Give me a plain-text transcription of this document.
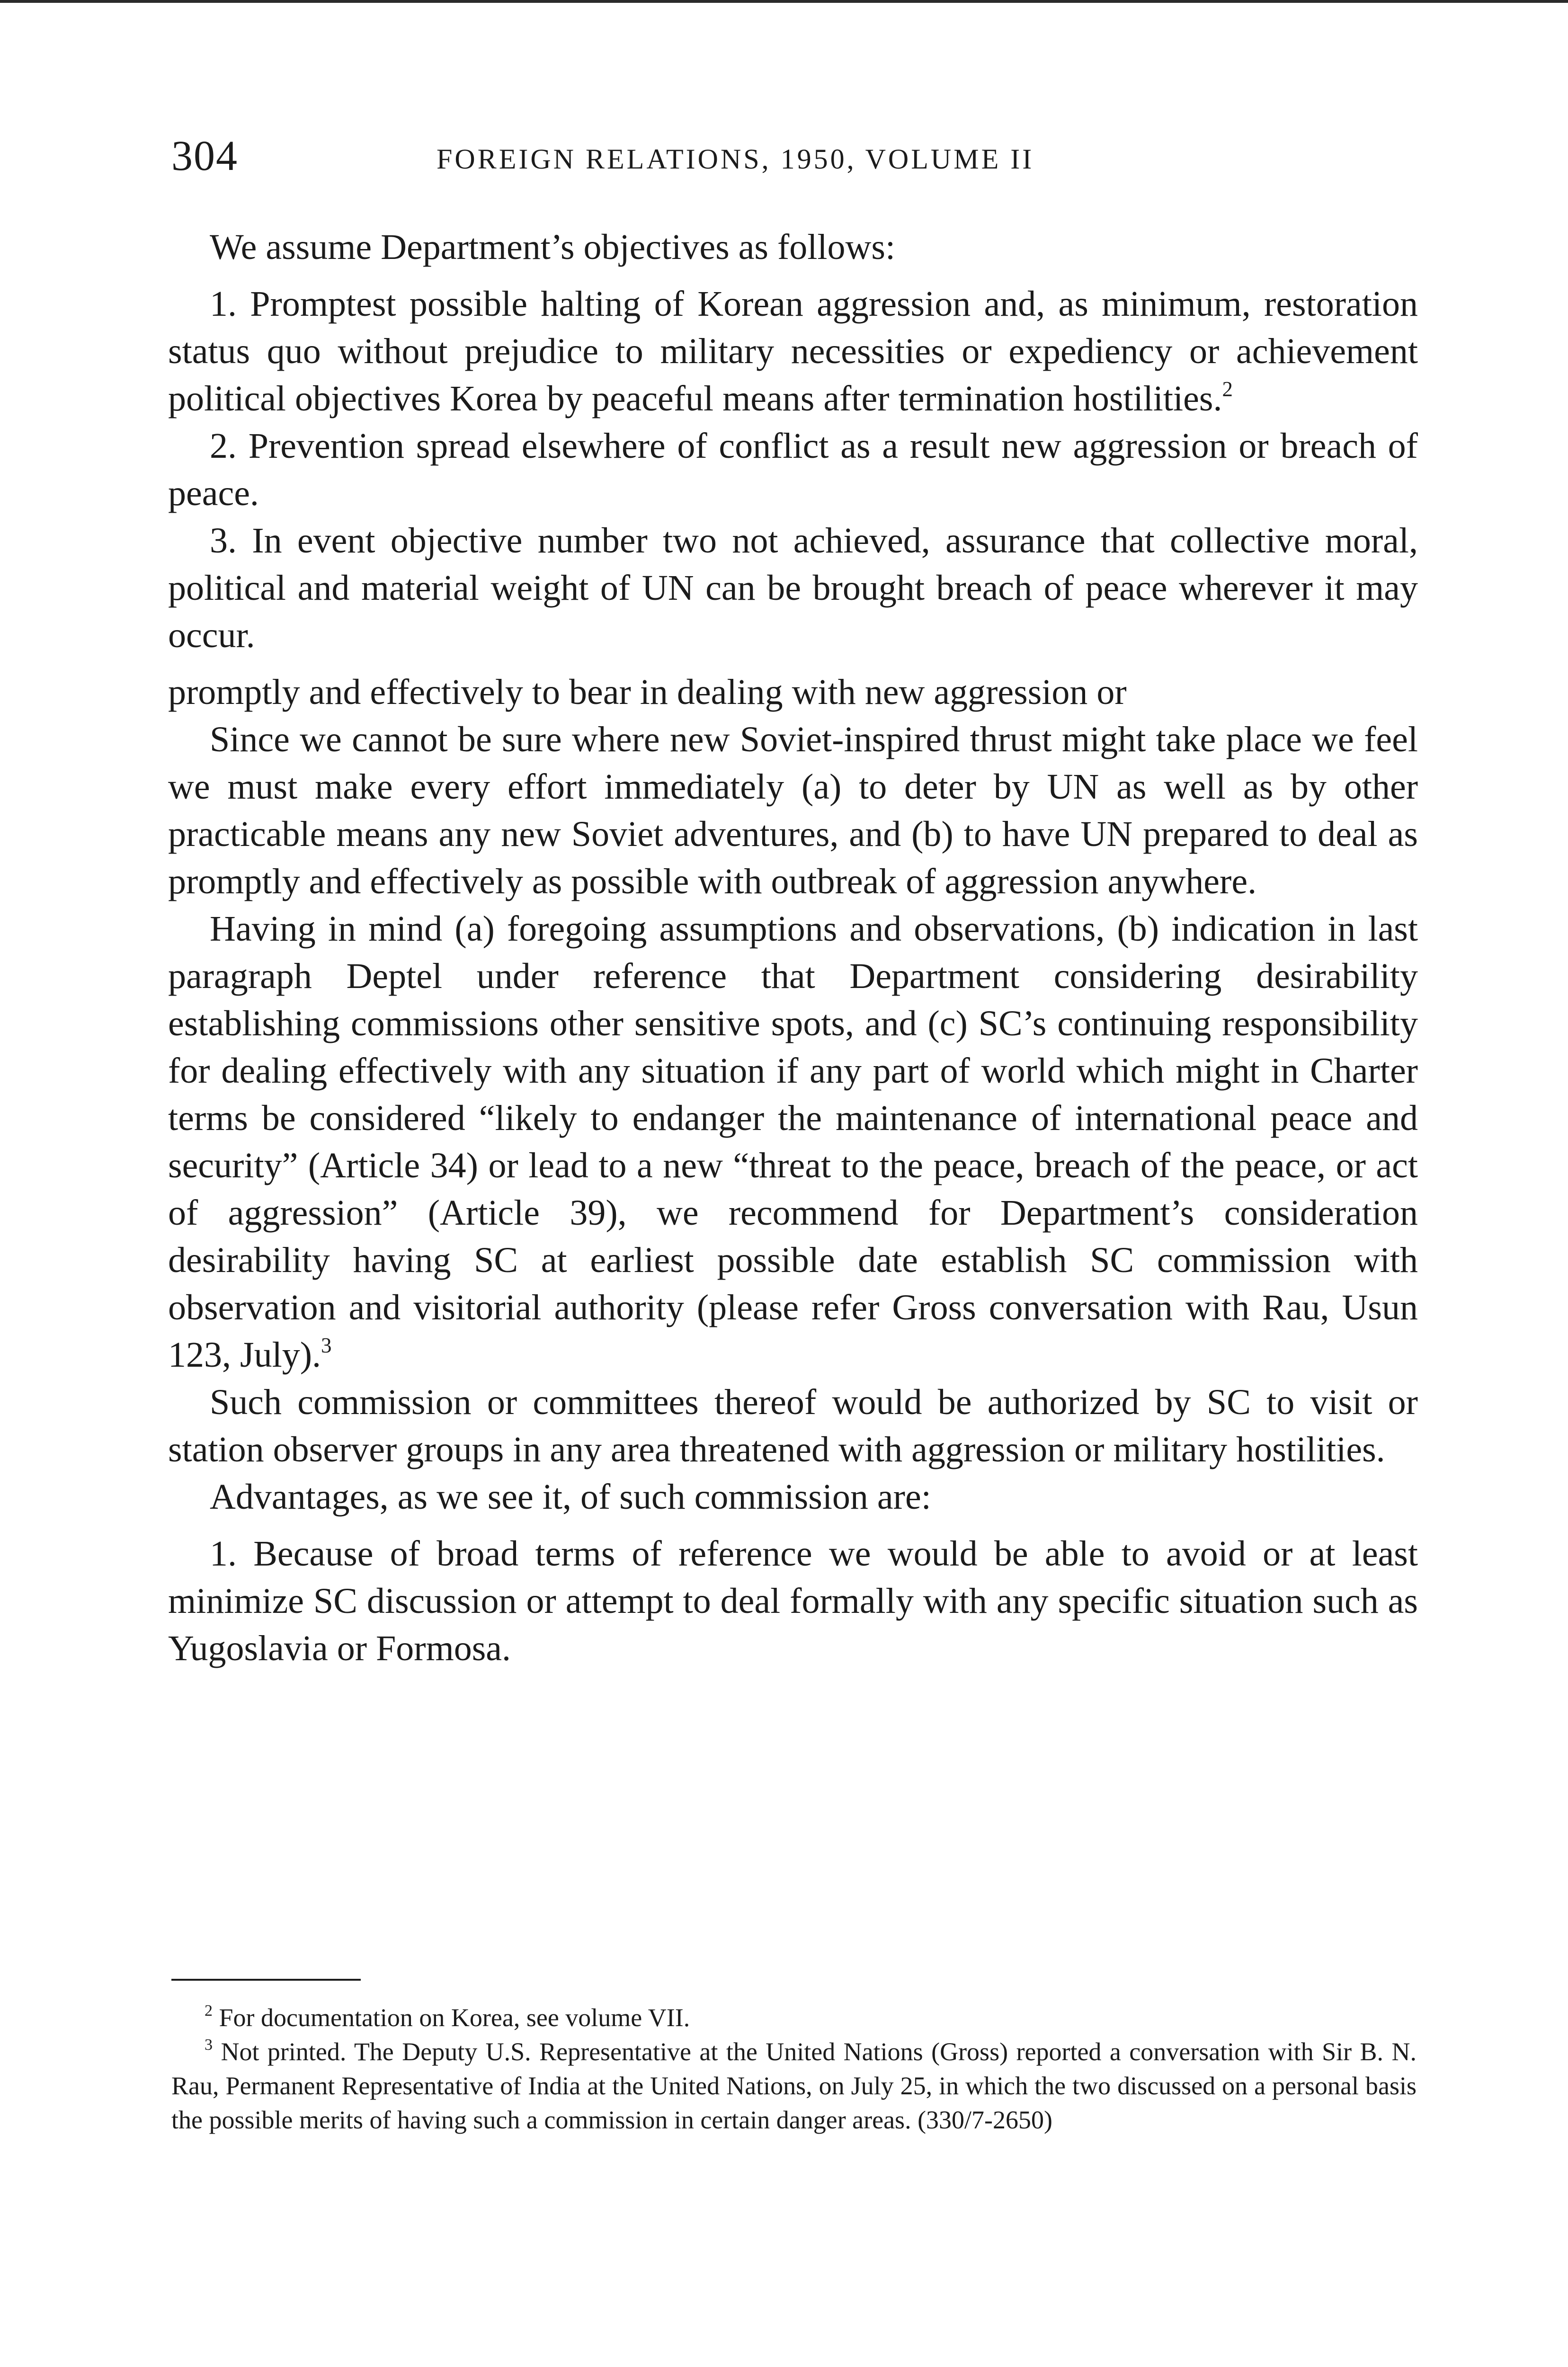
304	FOREIGN RELATIONS, 1950, VOLUME II

We assume Department’s objectives as follows:

1. Promptest possible halting of Korean aggression and, as minimum, restoration status quo without prejudice to military necessities or expediency or achievement political objectives Korea by peaceful means after termination hostilities.$^2$

2. Prevention spread elsewhere of conflict as a result new aggression or breach of peace.

3. In event objective number two not achieved, assurance that collective moral, political and material weight of UN can be brought breach of peace wherever it may occur.

promptly and effectively to bear in dealing with new aggression or

Since we cannot be sure where new Soviet-inspired thrust might take place we feel we must make every effort immediately (a) to deter by UN as well as by other practicable means any new Soviet adventures, and (b) to have UN prepared to deal as promptly and effectively as possible with outbreak of aggression anywhere.

Having in mind (a) foregoing assumptions and observations, (b) indication in last paragraph Deptel under reference that Department considering desirability establishing commissions other sensitive spots, and (c) SC’s continuing responsibility for dealing effectively with any situation if any part of world which might in Charter terms be considered “likely to endanger the maintenance of international peace and security” (Article 34) or lead to a new “threat to the peace, breach of the peace, or act of aggression” (Article 39), we recommend for Department’s consideration desirability having SC at earliest possible date establish SC commission with observation and visitorial authority (please refer Gross conversation with Rau, Usun 123, July).$^3$

Such commission or committees thereof would be authorized by SC to visit or station observer groups in any area threatened with aggression or military hostilities.

Advantages, as we see it, of such commission are:

1. Because of broad terms of reference we would be able to avoid or at least minimize SC discussion or attempt to deal formally with any specific situation such as Yugoslavia or Formosa.

$^2$ For documentation on Korea, see volume VII.

$^3$ Not printed. The Deputy U.S. Representative at the United Nations (Gross) reported a conversation with Sir B. N. Rau, Permanent Representative of India at the United Nations, on July 25, in which the two discussed on a personal basis the possible merits of having such a commission in certain danger areas. (330/7-2650)
